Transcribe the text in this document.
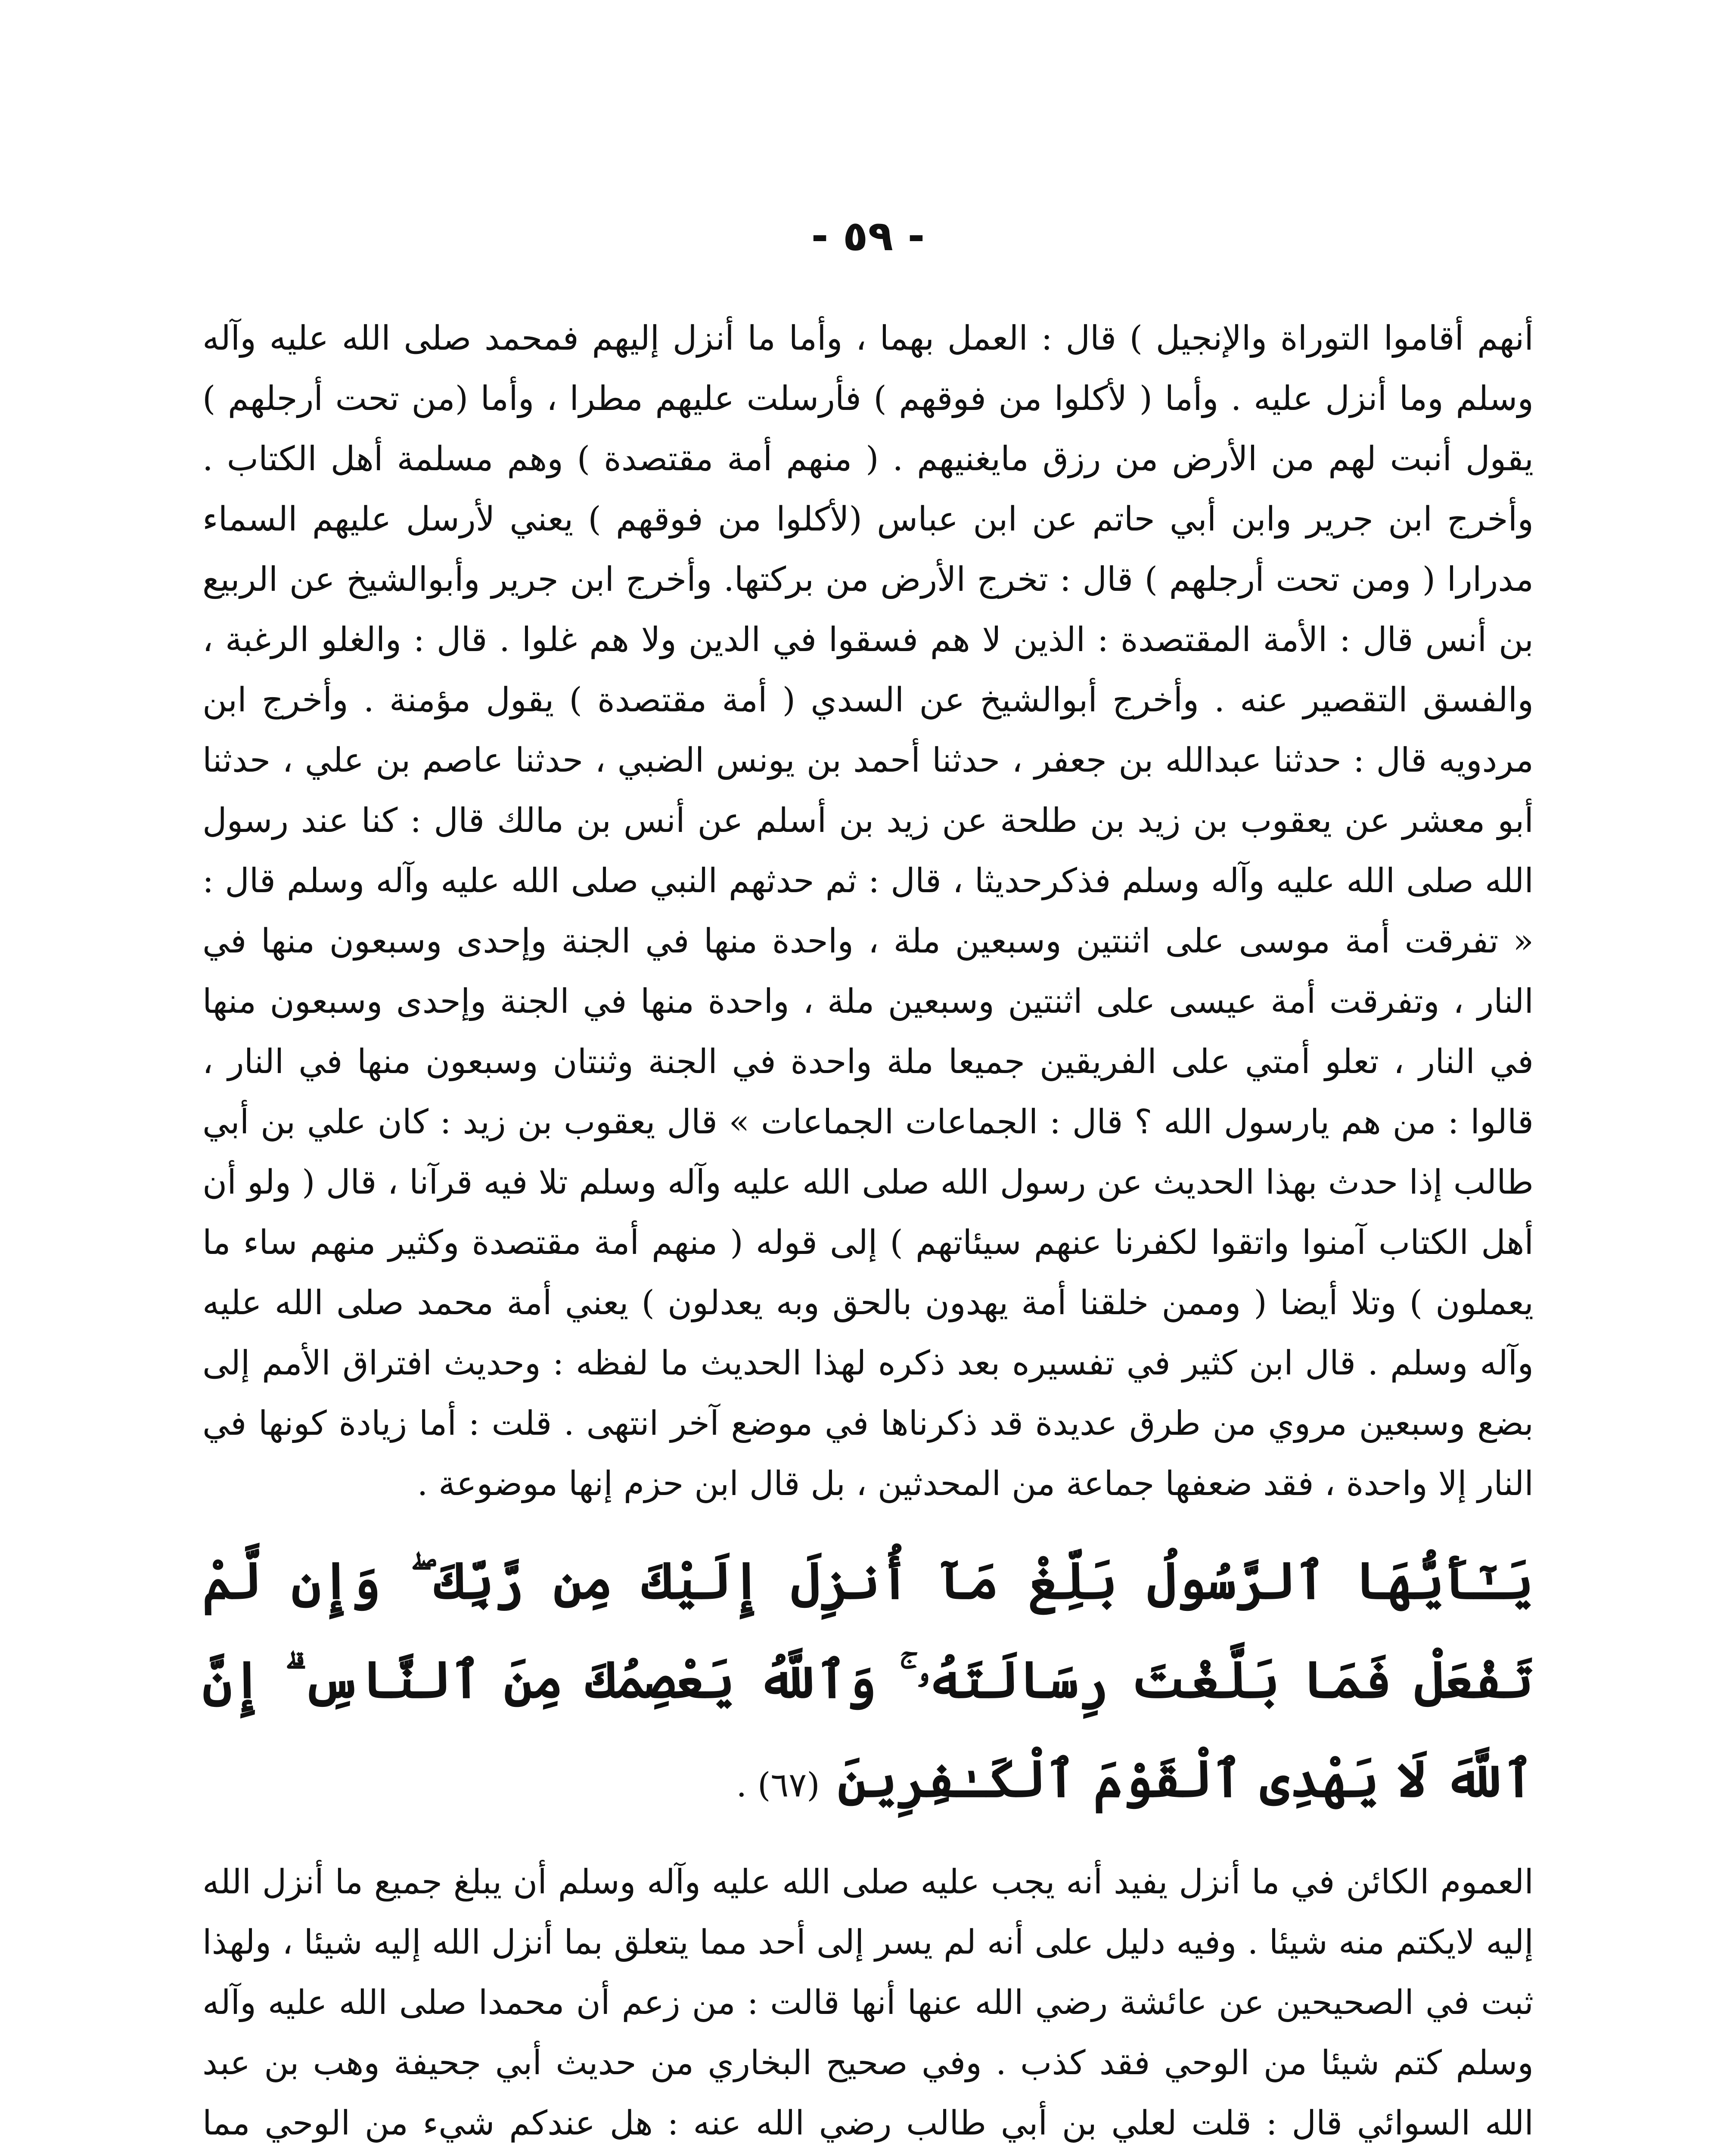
- ٥٩ -

أنهم أقاموا التوراة والإنجيل ) قال : العمل بهما ، وأما ما أنزل إليهم فمحمد صلى الله عليه وآله وسلم وما أنزل عليه . وأما ( لأكلوا من فوقهم ) فأرسلت عليهم مطرا ، وأما (من تحت أرجلهم ) يقول أنبت لهم من الأرض من رزق مايغنيهم . ( منهم أمة مقتصدة ) وهم مسلمة أهل الكتاب . وأخرج ابن جرير وابن أبي حاتم عن ابن عباس (لأكلوا من فوقهم ) يعني لأرسل عليهم السماء مدرارا ( ومن تحت أرجلهم ) قال : تخرج الأرض من بركتها. وأخرج ابن جرير وأبوالشيخ عن الربيع بن أنس قال : الأمة المقتصدة : الذين لا هم فسقوا في الدين ولا هم غلوا . قال : والغلو الرغبة ، والفسق التقصير عنه . وأخرج أبوالشيخ عن السدي ( أمة مقتصدة ) يقول مؤمنة . وأخرج ابن مردويه قال : حدثنا عبدالله بن جعفر ، حدثنا أحمد بن يونس الضبي ، حدثنا عاصم بن علي ، حدثنا أبو معشر عن يعقوب بن زيد بن طلحة عن زيد بن أسلم عن أنس بن مالك قال : كنا عند رسول الله صلى الله عليه وآله وسلم فذكرحديثا ، قال : ثم حدثهم النبي صلى الله عليه وآله وسلم قال : « تفرقت أمة موسى على اثنتين وسبعين ملة ، واحدة منها في الجنة وإحدى وسبعون منها في النار ، وتفرقت أمة عيسى على اثنتين وسبعين ملة ، واحدة منها في الجنة وإحدى وسبعون منها في النار ، تعلو أمتي على الفريقين جميعا ملة واحدة في الجنة وثنتان وسبعون منها في النار ، قالوا : من هم يارسول الله ؟ قال : الجماعات الجماعات » قال يعقوب بن زيد : كان علي بن أبي طالب إذا حدث بهذا الحديث عن رسول الله صلى الله عليه وآله وسلم تلا فيه قرآنا ، قال ( ولو أن أهل الكتاب آمنوا واتقوا لكفرنا عنهم سيئاتهم ) إلى قوله ( منهم أمة مقتصدة وكثير منهم ساء ما يعملون ) وتلا أيضا ( وممن خلقنا أمة يهدون بالحق وبه يعدلون ) يعني أمة محمد صلى الله عليه وآله وسلم . قال ابن كثير في تفسيره بعد ذكره لهذا الحديث ما لفظه : وحديث افتراق الأمم إلى بضع وسبعين مروي من طرق عديدة قد ذكرناها في موضع آخر انتهى . قلت : أما زيادة كونها في النار إلا واحدة ، فقد ضعفها جماعة من المحدثين ، بل قال ابن حزم إنها موضوعة .

يَـٰٓأَيُّهَا ٱلرَّسُولُ بَلِّغْ مَآ أُنزِلَ إِلَيْكَ مِن رَّبِّكَ ۖ وَإِن لَّمْ تَفْعَلْ فَمَا بَلَّغْتَ رِسَالَتَهُۥ ۚ وَٱللَّهُ يَعْصِمُكَ مِنَ ٱلنَّاسِ ۗ إِنَّ ٱللَّهَ لَا يَهْدِى ٱلْقَوْمَ ٱلْكَـٰفِرِينَ (٦٧) .

العموم الكائن في ما أنزل يفيد أنه يجب عليه صلى الله عليه وآله وسلم أن يبلغ جميع ما أنزل الله إليه لايكتم منه شيئا . وفيه دليل على أنه لم يسر إلى أحد مما يتعلق بما أنزل الله إليه شيئا ، ولهذا ثبت في الصحيحين عن عائشة رضي الله عنها أنها قالت : من زعم أن محمدا صلى الله عليه وآله وسلم كتم شيئا من الوحي فقد كذب . وفي صحيح البخاري من حديث أبي جحيفة وهب بن عبد الله السوائي قال : قلت لعلي بن أبي طالب رضي الله عنه : هل عندكم شيء من الوحي مما
